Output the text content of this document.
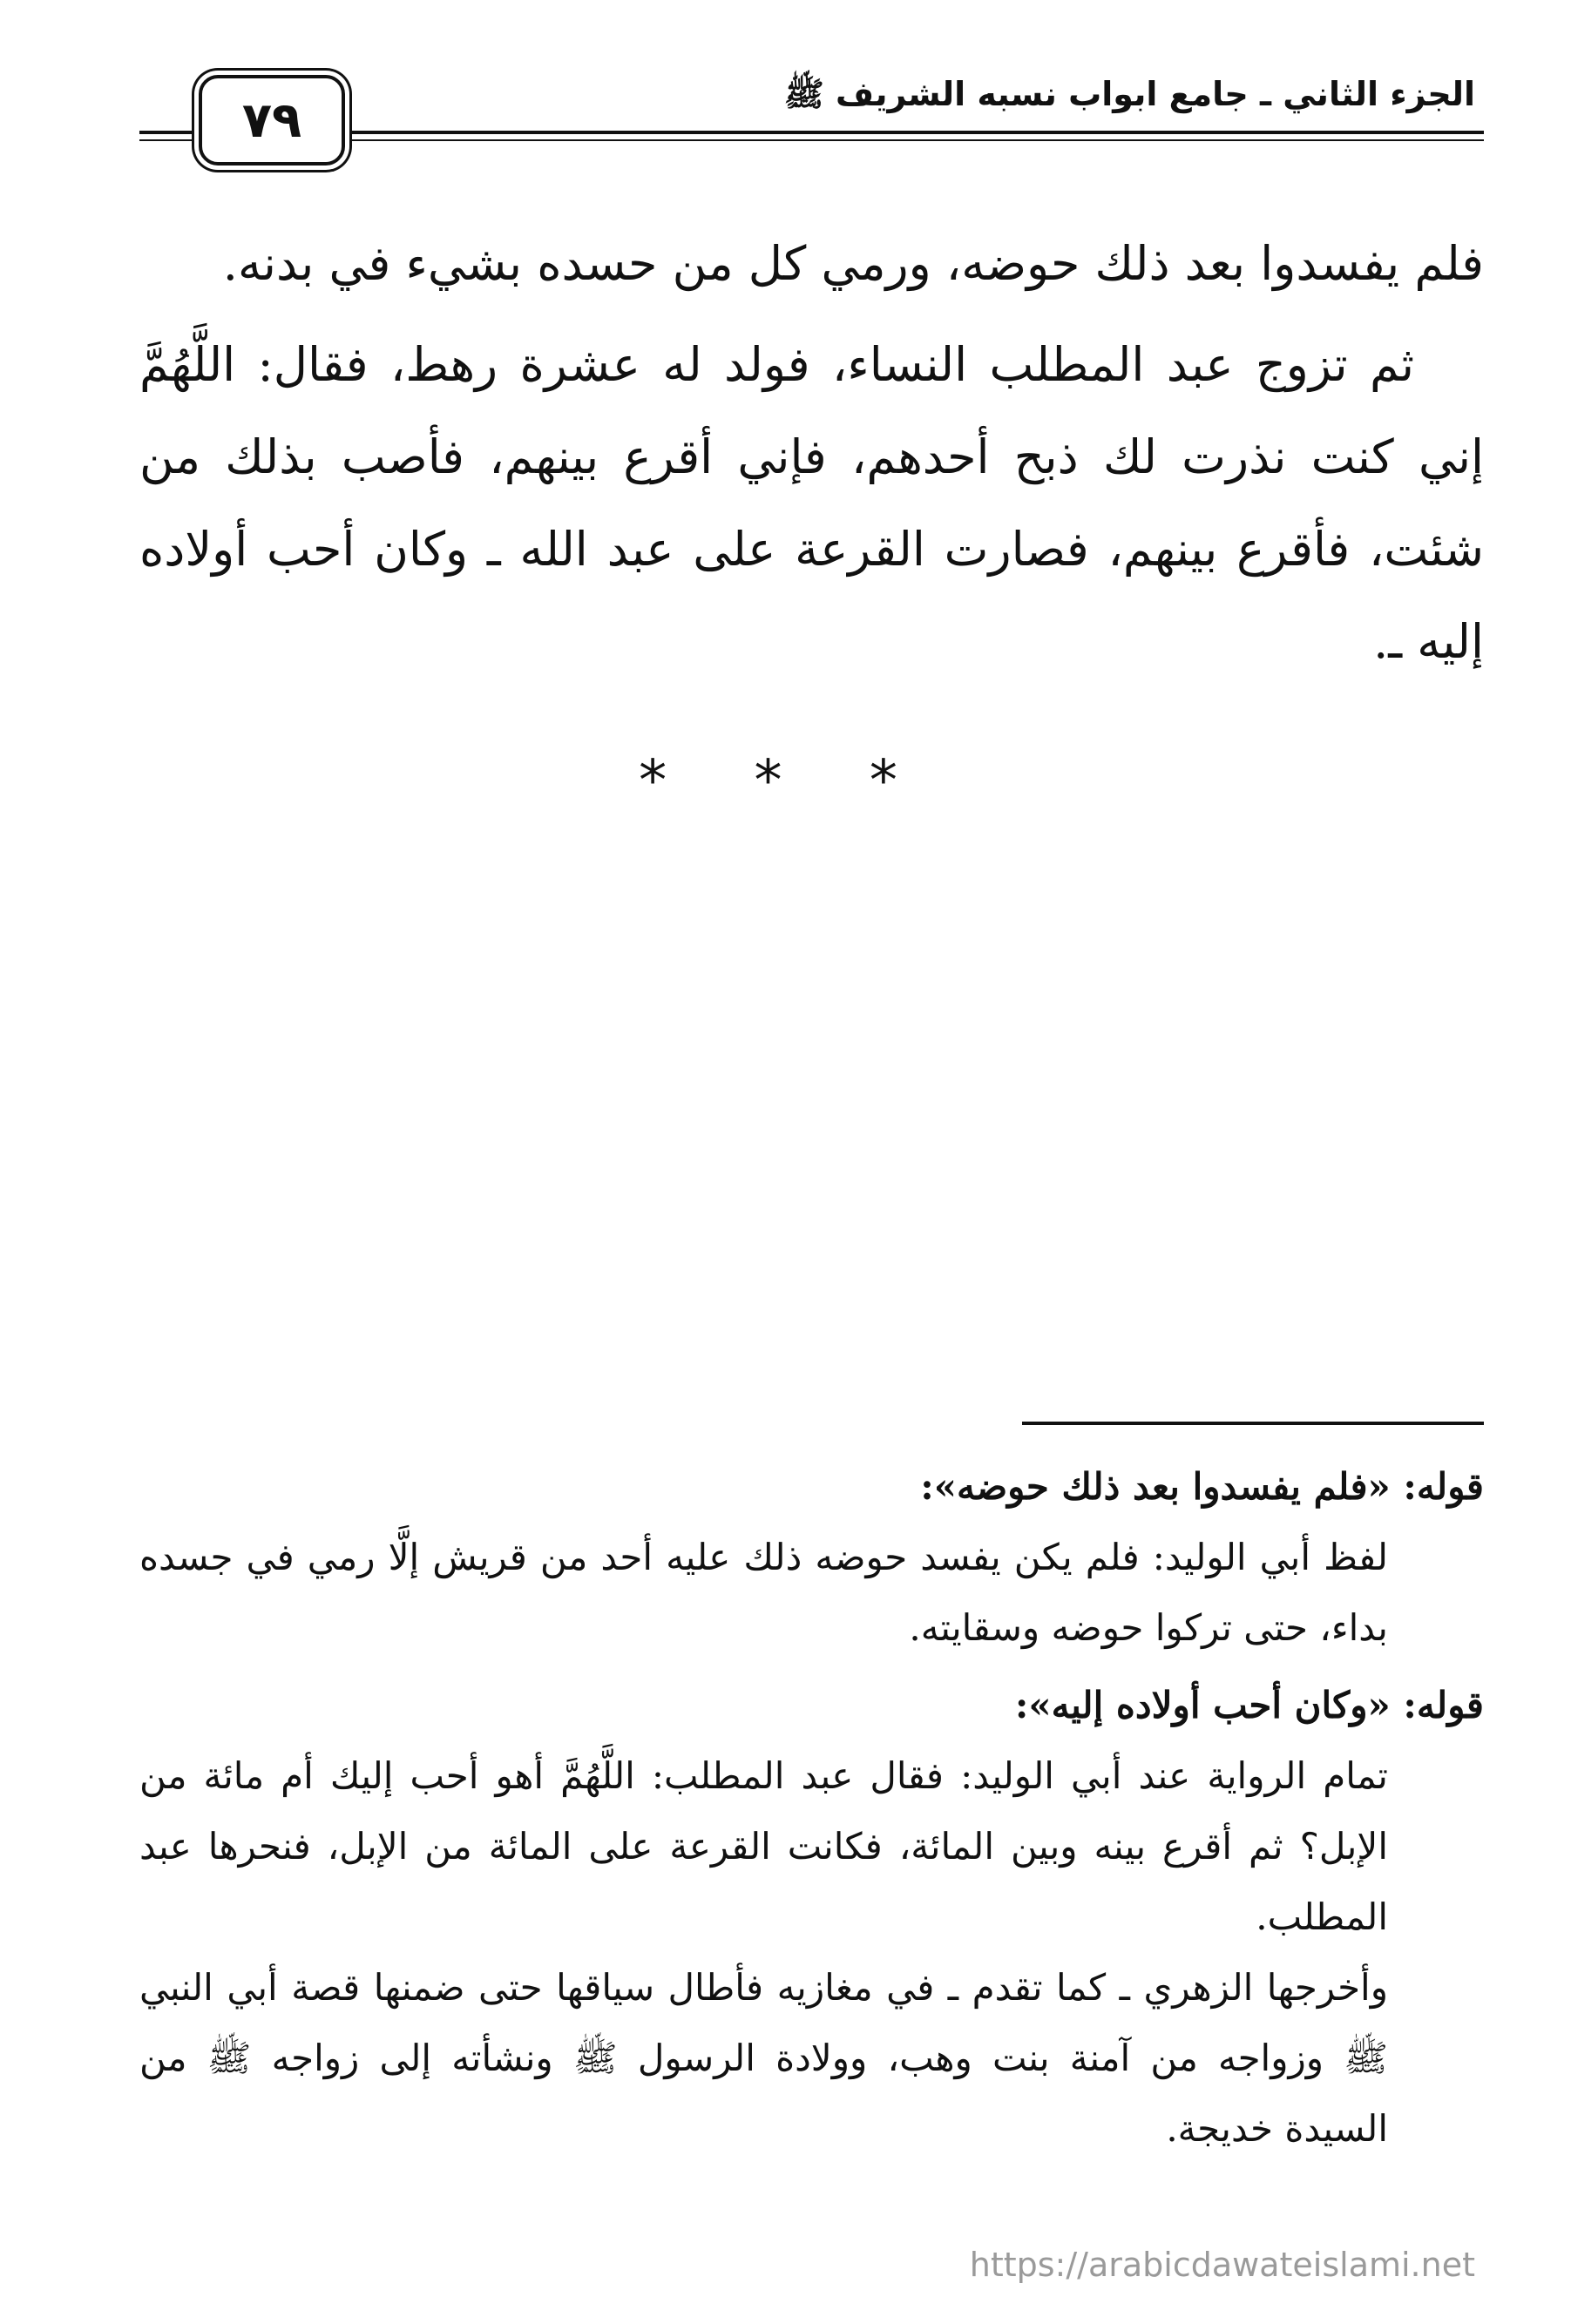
الجزء الثاني ـ جامع ابواب نسبه الشريف ﷺ
٧٩

فلم يفسدوا بعد ذلك حوضه، ورمي كل من حسده بشيء في بدنه.

ثم تزوج عبد المطلب النساء، فولد له عشرة رهط، فقال: اللَّهُمَّ إني كنت نذرت لك ذبح أحدهم، فإني أقرع بينهم، فأصب بذلك من شئت، فأقرع بينهم، فصارت القرعة على عبد الله ـ وكان أحب أولاده إليه ـ.

* * *

قوله: «فلم يفسدوا بعد ذلك حوضه»:

لفظ أبي الوليد: فلم يكن يفسد حوضه ذلك عليه أحد من قريش إلَّا رمي في جسده بداء، حتى تركوا حوضه وسقايته.

قوله: «وكان أحب أولاده إليه»:

تمام الرواية عند أبي الوليد: فقال عبد المطلب: اللَّهُمَّ أهو أحب إليك أم مائة من الإبل؟ ثم أقرع بينه وبين المائة، فكانت القرعة على المائة من الإبل، فنحرها عبد المطلب.

وأخرجها الزهري ـ كما تقدم ـ في مغازيه فأطال سياقها حتى ضمنها قصة أبي النبي ﷺ وزواجه من آمنة بنت وهب، وولادة الرسول ﷺ ونشأته إلى زواجه ﷺ من السيدة خديجة.

https://arabicdawateislami.net
